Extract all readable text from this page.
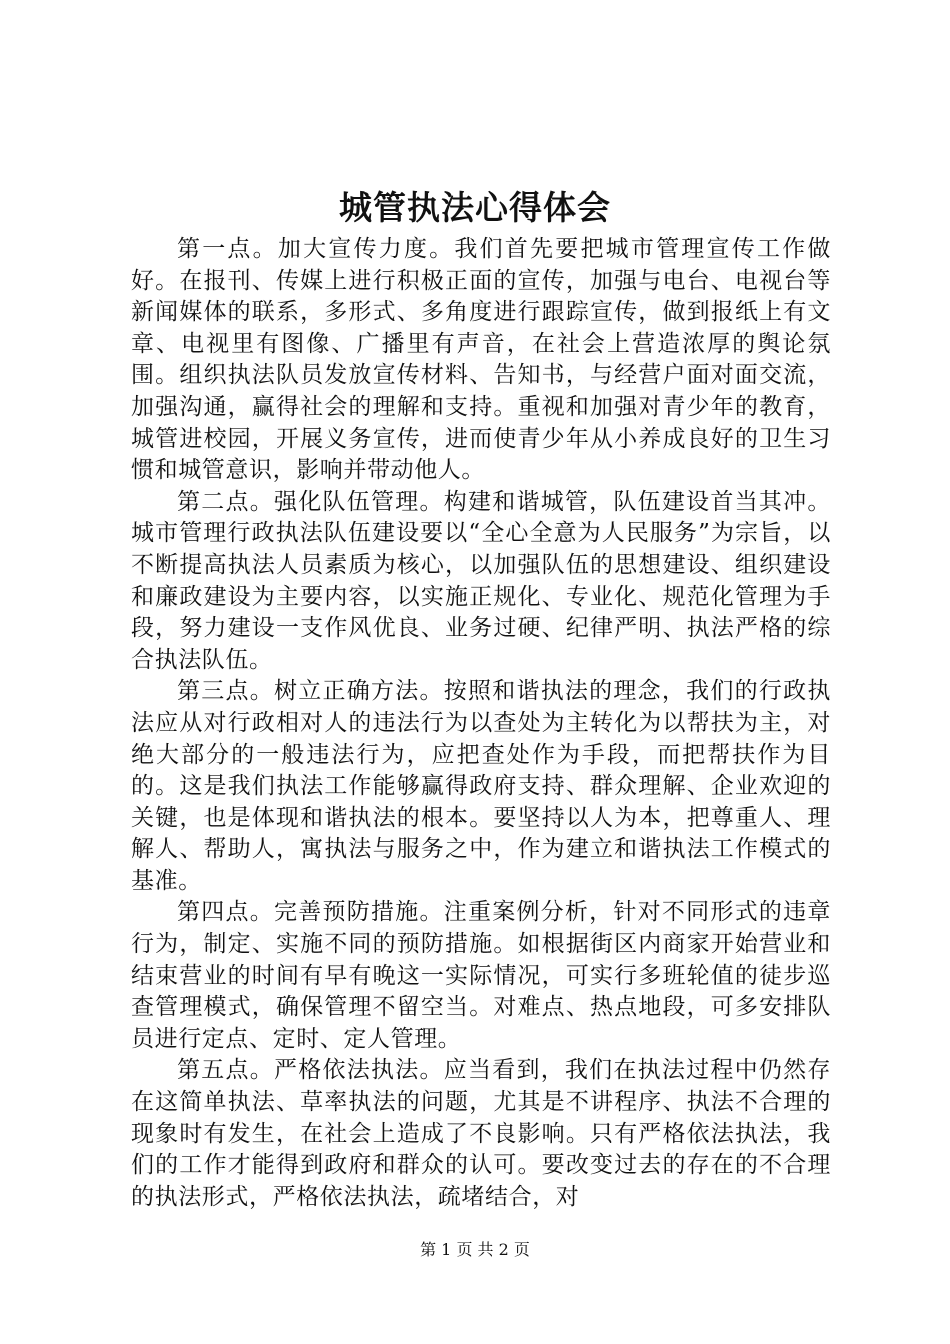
城管执法心得体会

第一点。加大宣传力度。我们首先要把城市管理宣传工作做好。在报刊、传媒上进行积极正面的宣传，加强与电台、电视台等新闻媒体的联系，多形式、多角度进行跟踪宣传，做到报纸上有文章、电视里有图像、广播里有声音，在社会上营造浓厚的舆论氛围。组织执法队员发放宣传材料、告知书，与经营户面对面交流，加强沟通，赢得社会的理解和支持。重视和加强对青少年的教育，城管进校园，开展义务宣传，进而使青少年从小养成良好的卫生习惯和城管意识，影响并带动他人。

第二点。强化队伍管理。构建和谐城管，队伍建设首当其冲。城市管理行政执法队伍建设要以“全心全意为人民服务”为宗旨，以不断提高执法人员素质为核心，以加强队伍的思想建设、组织建设和廉政建设为主要内容，以实施正规化、专业化、规范化管理为手段，努力建设一支作风优良、业务过硬、纪律严明、执法严格的综合执法队伍。

第三点。树立正确方法。按照和谐执法的理念，我们的行政执法应从对行政相对人的违法行为以查处为主转化为以帮扶为主，对绝大部分的一般违法行为，应把查处作为手段，而把帮扶作为目的。这是我们执法工作能够赢得政府支持、群众理解、企业欢迎的关键，也是体现和谐执法的根本。要坚持以人为本，把尊重人、理解人、帮助人，寓执法与服务之中，作为建立和谐执法工作模式的基准。

第四点。完善预防措施。注重案例分析，针对不同形式的违章行为，制定、实施不同的预防措施。如根据街区内商家开始营业和结束营业的时间有早有晚这一实际情况，可实行多班轮值的徒步巡查管理模式，确保管理不留空当。对难点、热点地段，可多安排队员进行定点、定时、定人管理。

第五点。严格依法执法。应当看到，我们在执法过程中仍然存在这简单执法、草率执法的问题，尤其是不讲程序、执法不合理的现象时有发生，在社会上造成了不良影响。只有严格依法执法，我们的工作才能得到政府和群众的认可。要改变过去的存在的不合理的执法形式，严格依法执法，疏堵结合，对

第 1 页 共 2 页
